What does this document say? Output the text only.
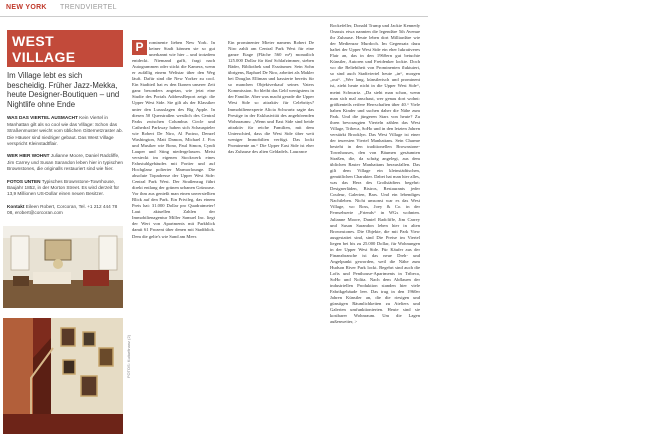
NEW YORK TRENDVIERTEL
WEST VILLAGE
Im Village lebt es sich bescheidig. Früher Jazz-Mekka, heute Designer-Boutiquen – und Nightlife ohne Ende
WAS DAS VIERTEL AUSMACHT Kein Viertel in Manhattan gilt als so cool wie das Village: Schon das Straßenmuster weicht vom üblichen Gitternetzraster ab. Die Häuser sind niedriger gebaut. Das West Village verspricht Kleinstadtflair.
WER HIER WOHNT Julianne Moore, Daniel Radcliffe, Jim Carrey und Susan Sarandon leben hier in typischen Brownstones, die originalls restauriert sind wie hier.
FOTOS UNTEN Typisches Brownstone-Townhouse, Baujahr 1852, in der Morton Street. Es wird derzeit für 13,9 Millionen US-Dollar einen neuen Besitzer.
Kontakt Eileen Robert, Corcoran, Tel. +1 212 444 78 08, erobert@corcoran.com
FOTOS: Kulturfinanz (2)
P	rominente lieben New York. In keiner Stadt können sie so gut unerkannt wie hier – und trotzdem entdeckt. Niemand gafft, fragt nach Autogrammen oder stickt die Kamera, wenn er zufällig einem Weltstar über den Weg läuft. Dafür sind die New Yorker zu cool. Ein Stadtteil hat es den Ikonen unserer Zeit ganz besonders angetan, wie jetzt eine Studie des Portals AddressReport zeigt: die Upper West Side. Sie gilt als der Klassiker unter den Luxuslagen des Big Apple. In diesen 50 Querstraßen westlich des Central Parks zwischen Columbus Circle und Cathedral Parkway haben sich Schauspieler wie Robert De Niro, Al Pacino, Denzel Washington, Matt Damon, Michael J. Fox und Musiker wie Bono, Paul Simon, Cyndi Lauper und Sting niedergelassen. Meist versteckt im eigenen Stockwerk eines Fahrstuhlgebäudes mit Portier und auf Hochglanz polierter Marmorlounge. Die absolute Topadresse der Upper West Side: Central Park West. Der Straßenzug führt direkt entlang der grünen urbanen Grünoase. Vor ihm aus genießt man einen unverstellten Blick auf den Park. Ein Privileg, das einem Preis hat: 31.000 Dollar pro Quadratmeter! Laut aktuellen Zahlen der Immobilienagentur Miller Samuel Inc. liegt der Wert von Apartments mit Parkblick damit 61 Prozent über denen mit Stadtblick. Dem die gelte's wie Sand am Meer.
Ein prominenter Mieter namens Robert De Niro zahlt am Central Park West für eine ganze Etage (Fläche 560 m²) monatlich 125.000 Dollar für fünf Schlafzimmer, sieben Bäder, Bibliothek und Essräumer. Sein Sohn übrigens, Raphael De Niro, arbeitet als Makler bei Douglas Elliman und kassierte bereits für so manchen Objektverkauf seines Vaters Kommission. So bleibt das Geld wenigstens in der Familie. Aber was macht gerade die Upper West Side so attraktiv für Celebritys? Immobilienexperte Alicia Schwartz sagte das Prestige in der Exklusivität des angehörenden Wohnraums: „Wenn und East Side sind beide attraktiv für reiche Familien, mit dem Unterschied, dass die West Side über weit weniger Immobilien verfügt. Das lockt Prominente an.“ Die Upper East Side ist eher das Zuhause des alten Geldadels. Laurance
Rockefeller, Donald Trump und Jackie Kennedy Onassis etwa nannten die legendäre 5th Avenue ihr Zuhause. Heute leben dort Milliardäre wie der Medienzar Murdoch. Im Gegensatz dazu haftet der Upper West Side ein eher lukrativeres Flair an, das in den 1960ern gut betuchte Künstler, Autoren und Freidenker lockte. Doch wo die Beliebtheit von Prominenten fluktuiert, so sind auch Stadtviertel heute „in“, morgen „out“. „Wer lang, künstlerisch und prominent ist, zieht heute nicht in die Upper West Side“, meint Schwartz. „Da sieht man schon, wenn man sich mal anschaut, wer genau dort wohnt: größtenteils reifere Herrschaften über 40.“ Viele haben Kinder und suchen daher die Nähe zum Park. Und die jüngeren Stars von heute? Zu ihren bevorzugten Vierteln zählen das West Village, Tribeca, SoHo und in den letzten Jahren verstärkt Brooklyn. Das West Village ist einer der teuersten Viertel Manhattans. Sein Charme besteht in den traditionellen Brownstone-Townhouses, den von Bäumen gesäumten Straßen, die, da schräg angelegt, aus dem üblichen Raster Manhattans herausfallen. Das gilt dem Village ein kleinstädtischen, gemütlichen Charakter. Dabei hat man hier alles, was das Herz des Großstädters begehrt: Designerläden, Bistros, Restaurants jeder Couleur, Galerien, Bars. Und ein lebendiges Nachtleben. Nicht umsonst war es das West Village, wo Ross, Joey & Co. in der Fernsehserie „Friends“ in WGs wohnten. Julianne Moore, Daniel Radcliffe, Jim Carrey und Susan Sarandon leben hier in alten Brownstones. Die Objekte, die mit Park View ausgestattet sind, sind Die Preise im Viertel liegen bei bis zu 25.000 Dollar, für Wohnungen in der Upper West Side. Für Käufer aus der Finanzbranche ist das neue Dreh- und Angelpunkt geworden, weil die Nähe zum Hudson River Park lockt. Begehrt sind auch die Lofts und Penthouse-Apartments in Tribeca, SoHo und Nolita. Nach dem Abflauen der industriellen Produktion standen hier viele Fabrikgebäude leer. Das trug in den 1960er Jahren Künstler an, die die riesigen und günstigen Räumlichkeiten zu Ateliers und Galerien umfunktionierten. Heute sind sie kostbarer Wohnraum. Um die Lagen außenweiter, >
